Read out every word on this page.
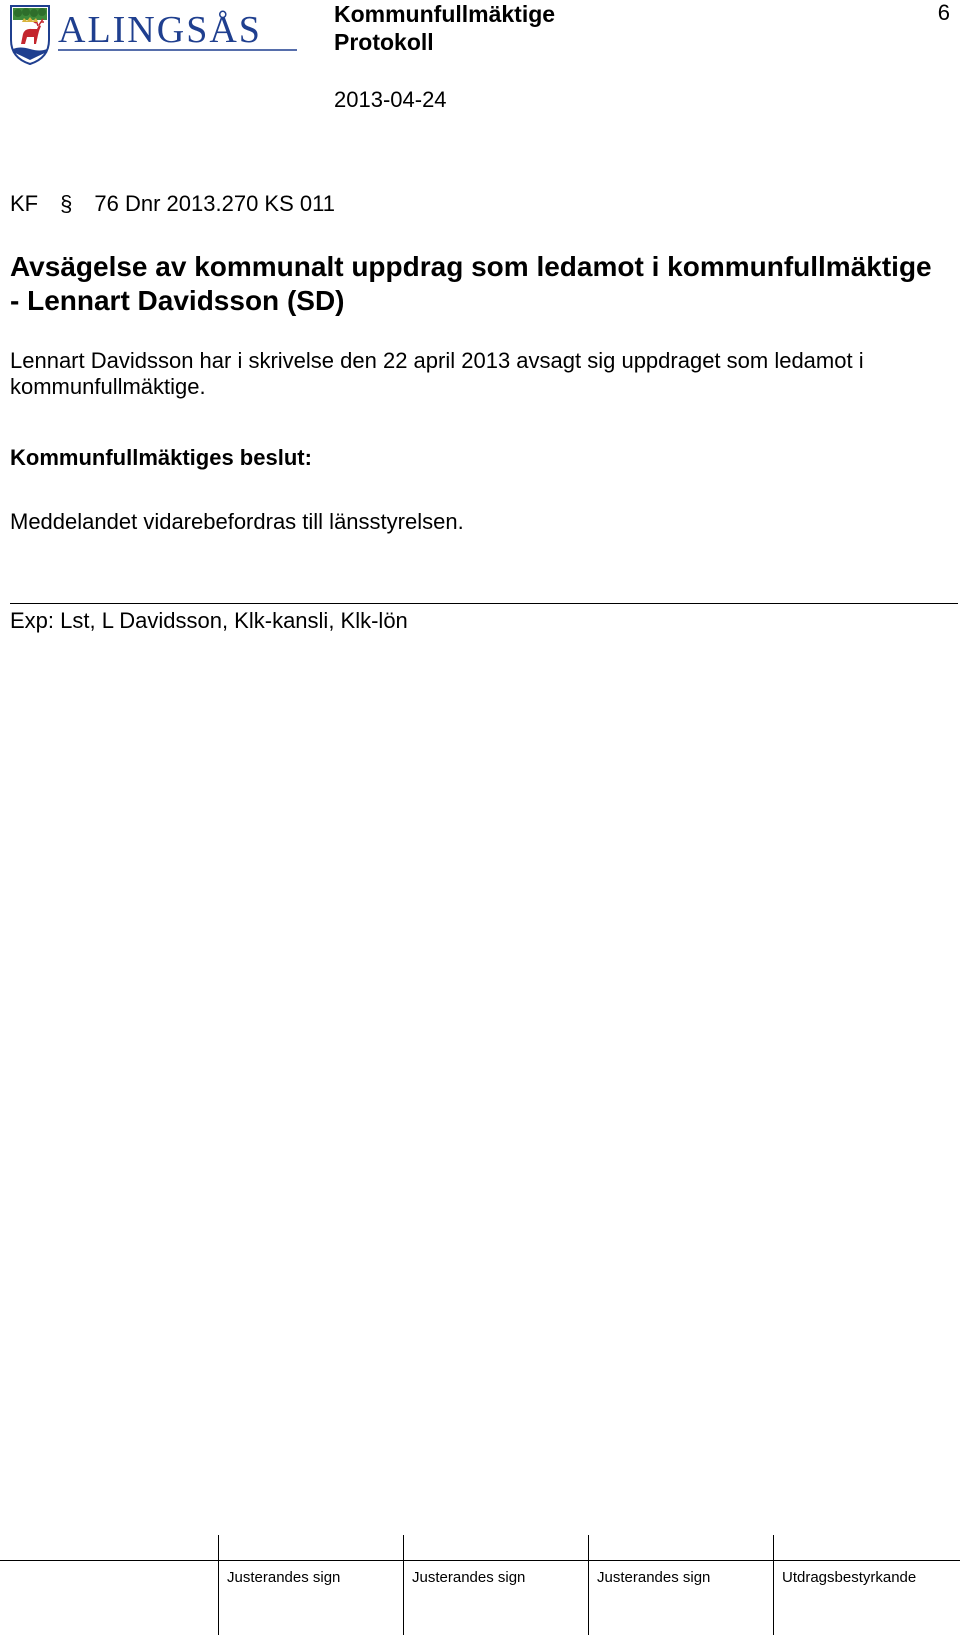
ALINGSÅS	Kommunfullmäktige
Protokoll
2013-04-24
6
KF § 76 Dnr 2013.270 KS 011
Avsägelse av kommunalt uppdrag som ledamot i kommunfullmäktige - Lennart Davidsson (SD)
Lennart Davidsson har i skrivelse den 22 april 2013 avsagt sig uppdraget som ledamot i kommunfullmäktige.
Kommunfullmäktiges beslut:
Meddelandet vidarebefordras till länsstyrelsen.
Exp: Lst, L Davidsson, Klk-kansli, Klk-lön
Justerandes sign	Justerandes sign	Justerandes sign	Utdragsbestyrkande
